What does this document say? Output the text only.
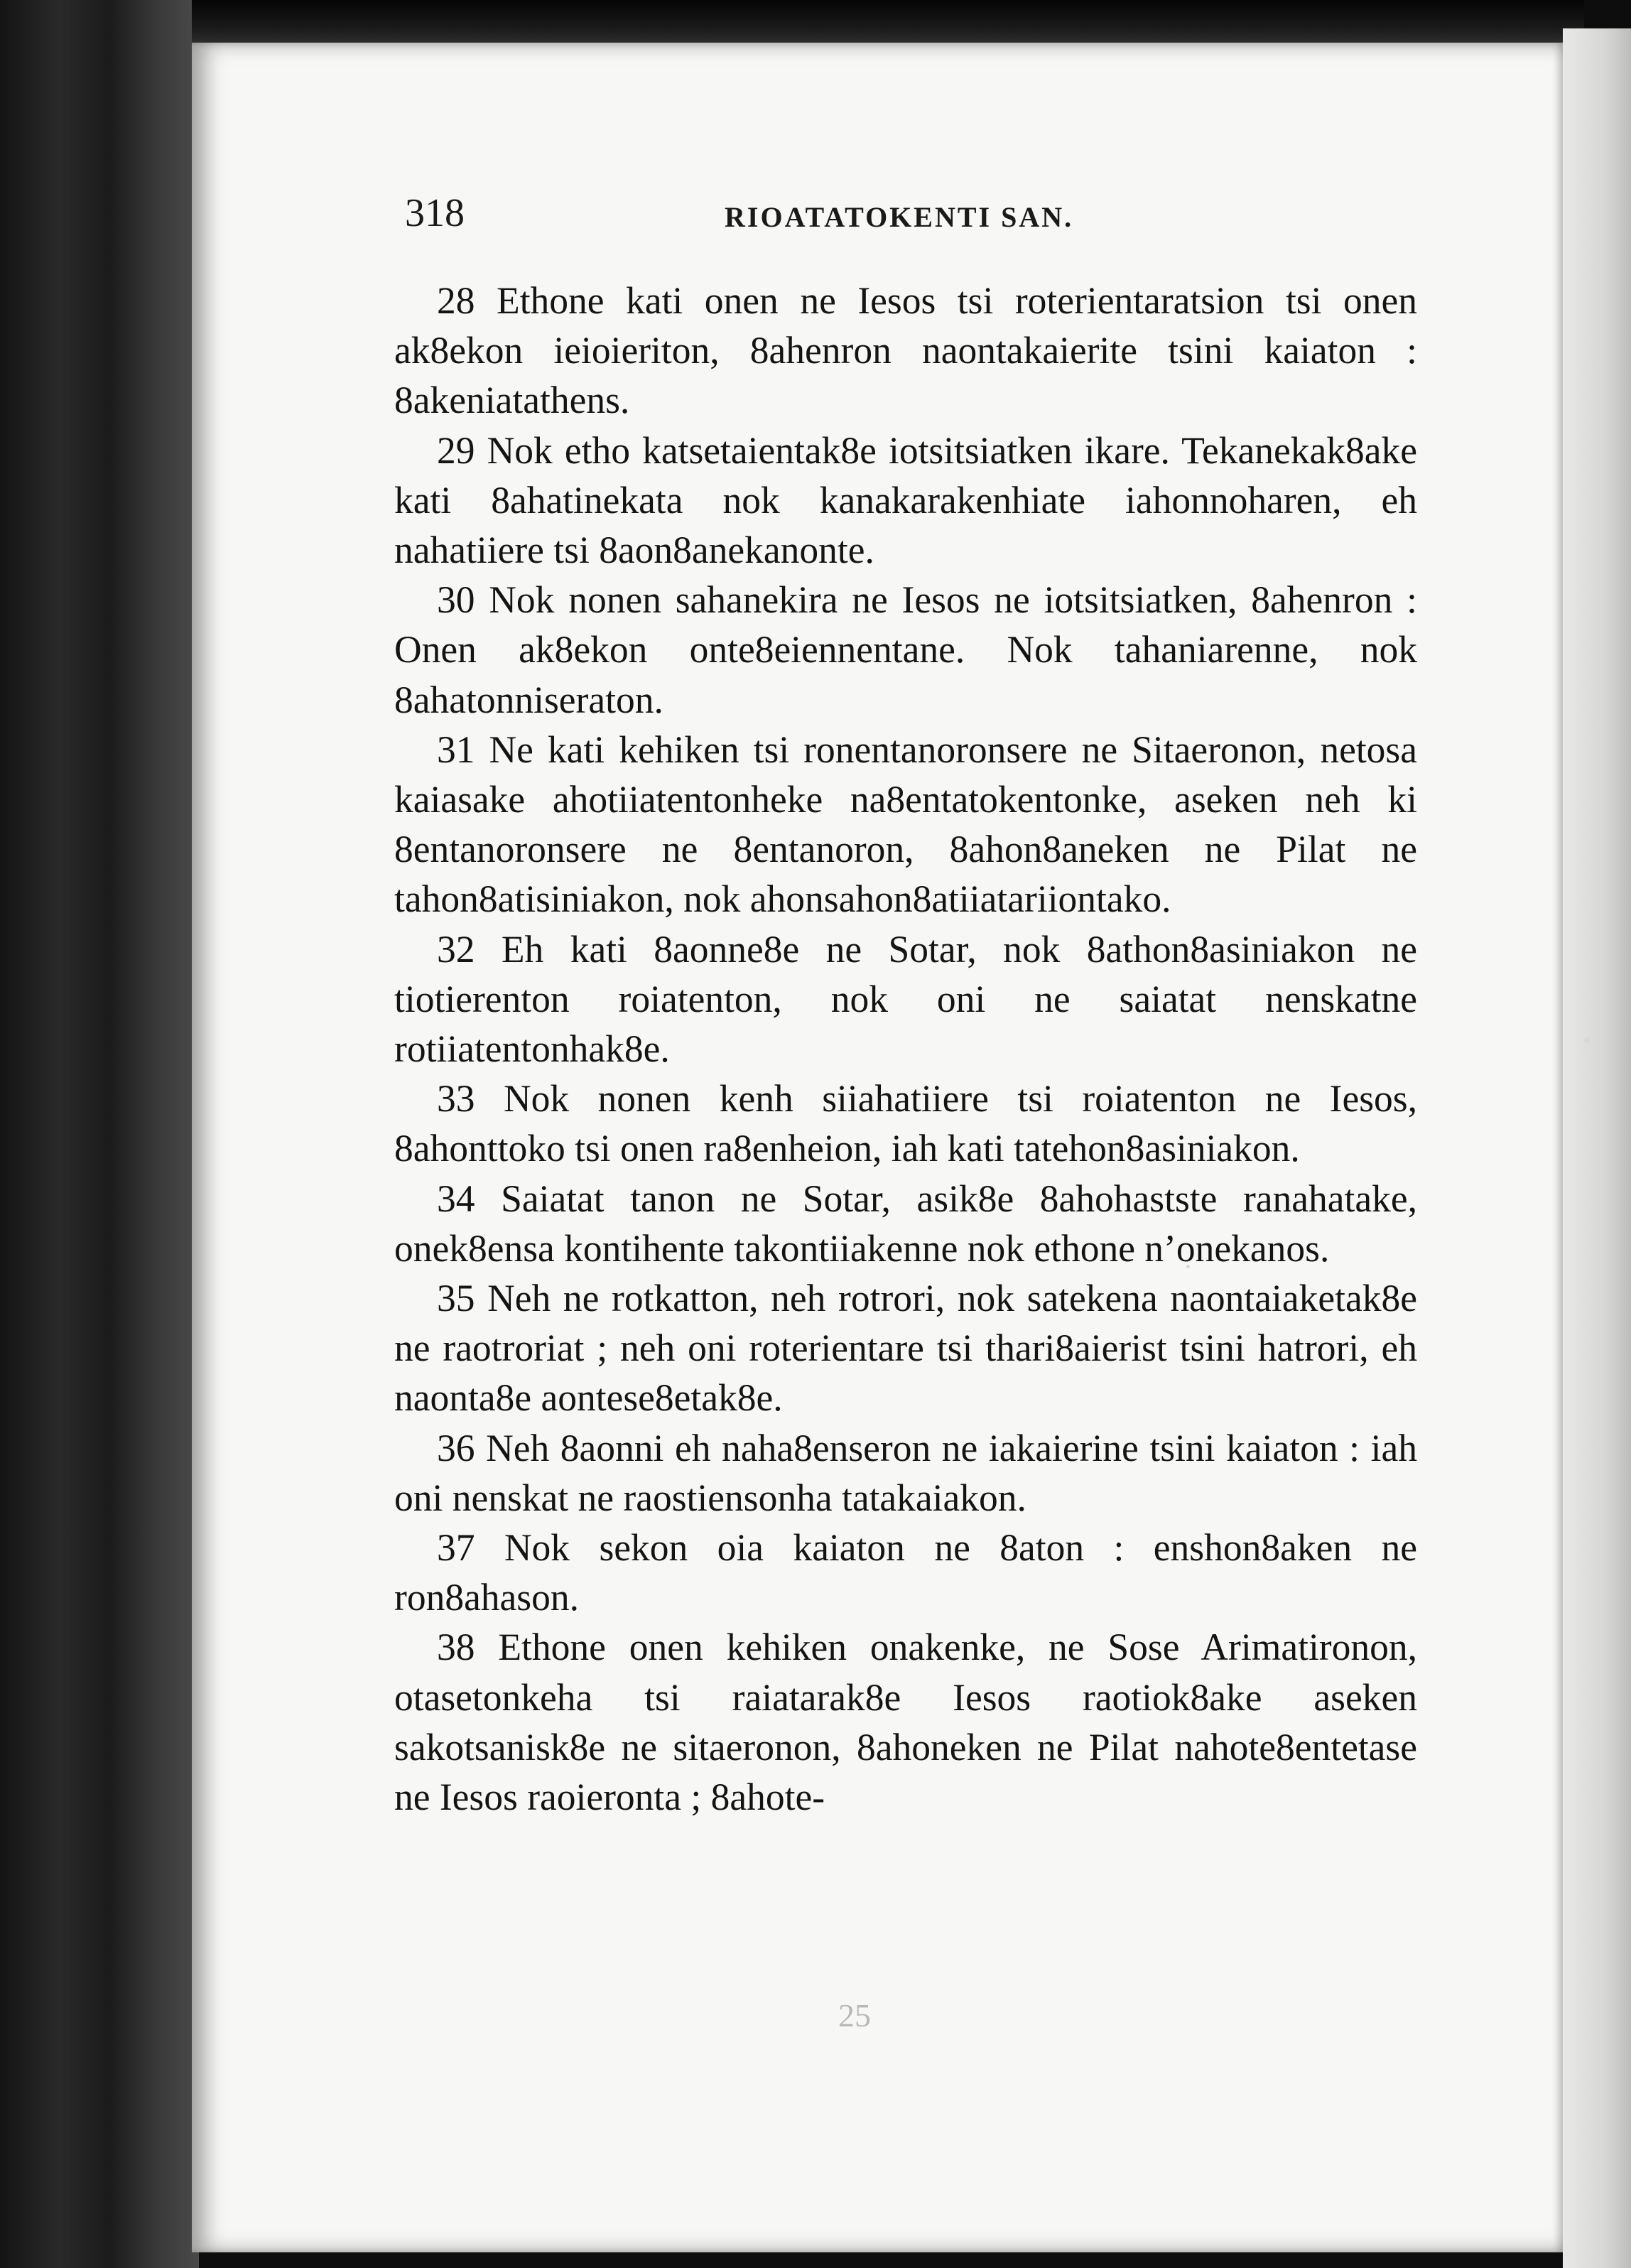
318	RIOATATOKENTI SAN.

28 Ethone kati onen ne Iesos tsi roterientaratsion tsi onen ak8ekon ieioieriton, 8ahenron naontakaierite tsini kaiaton : 8akeniatathens.

29 Nok etho katsetaientak8e iotsitsiatken ikare. Tekanekak8ake kati 8ahatinekata nok kanakarakenhiate iahonnoharen, eh nahatiiere tsi 8aon8anekanonte.

30 Nok nonen sahanekira ne Iesos ne iotsitsiatken, 8ahenron : Onen ak8ekon onte8eiennentane. Nok tahaniarenne, nok 8ahatonniseraton.

31 Ne kati kehiken tsi ronentanoronsere ne Sitaeronon, netosa kaiasake ahotiiatentonheke na8entatokentonke, aseken neh ki 8entanoronsere ne 8entanoron, 8ahon8aneken ne Pilat ne tahon8atisiniakon, nok ahonsahon8atiiatariiontako.

32 Eh kati 8aonne8e ne Sotar, nok 8athon8asiniakon ne tiotierenton roiatenton, nok oni ne saiatat nenskatne rotiiatentonhak8e.

33 Nok nonen kenh siiahatiiere tsi roiatenton ne Iesos, 8ahonttoko tsi onen ra8enheion, iah kati tatehon8asiniakon.

34 Saiatat tanon ne Sotar, asik8e 8ahohastste ranahatake, onek8ensa kontihente takontiiakenne nok ethone n’onekanos.

35 Neh ne rotkatton, neh rotrori, nok satekena naontaiaketak8e ne raotroriat ; neh oni roterientare tsi thari8aierist tsini hatrori, eh naonta8e aontese8etak8e.

36 Neh 8aonni eh naha8enseron ne iakaierine tsini kaiaton : iah oni nenskat ne raostiensonha tatakaiakon.

37 Nok sekon oia kaiaton ne 8aton : enshon8aken ne ron8ahason.

38 Ethone onen kehiken onakenke, ne Sose Arimatironon, otasetonkeha tsi raiatarak8e Iesos raotiok8ake aseken sakotsanisk8e ne sitaeronon, 8ahoneken ne Pilat nahote8entetase ne Iesos raoieronta ; 8ahote-

25
